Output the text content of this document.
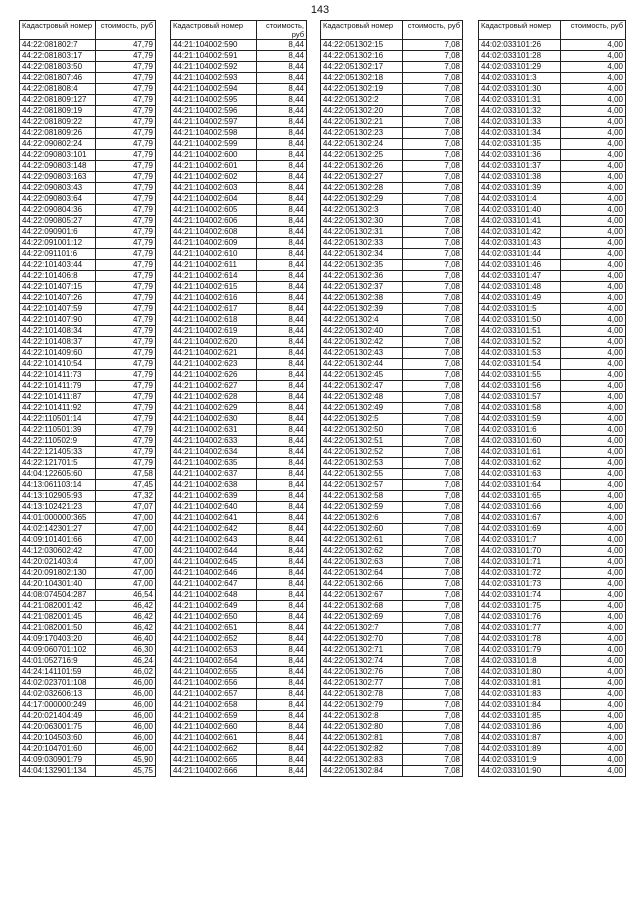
143
Кадастровый номер	стоимость, руб
44:22:081802:7	47,79
44:22:081803:17	47,79
44:22:081803:50	47,79
44:22:081807:46	47,79
44:22:081808:4	47,79
44:22:081809:127	47,79
44:22:081809:19	47,79
44:22:081809:22	47,79
44:22:081809:26	47,79
44:22:090802:24	47,79
44:22:090803:101	47,79
44:22:090803:148	47,79
44:22:090803:163	47,79
44:22:090803:43	47,79
44:22:090803:64	47,79
44:22:090804:36	47,79
44:22:090805:27	47,79
44:22:090901:6	47,79
44:22:091001:12	47,79
44:22:091101:6	47,79
44:22:101403:44	47,79
44:22:101406:8	47,79
44:22:101407:15	47,79
44:22:101407:26	47,79
44:22:101407:59	47,79
44:22:101407:90	47,79
44:22:101408:34	47,79
44:22:101408:37	47,79
44:22:101409:60	47,79
44:22:101410:54	47,79
44:22:101411:73	47,79
44:22:101411:79	47,79
44:22:101411:87	47,79
44:22:101411:92	47,79
44:22:110501:14	47,79
44:22:110501:39	47,79
44:22:110502:9	47,79
44:22:121405:33	47,79
44:22:121701:5	47,79
44:04:122605:60	47,58
44:13:061103:14	47,45
44:13:102905:93	47,32
44:13:102421:23	47,07
44:01:000000:365	47,00
44:02:142301:27	47,00
44:09:101401:66	47,00
44:12:030602:42	47,00
44:20:021403:4	47,00
44:20:091802:130	47,00
44:20:104301:40	47,00
44:08:074504:287	46,54
44:21:082001:42	46,42
44:21:082001:45	46,42
44:21:082001:50	46,42
44:09:170403:20	46,40
44:09:060701:102	46,30
44:01:052716:9	46,24
44:24:141101:59	46,02
44:02:023701:108	46,00
44:02:032606:13	46,00
44:17:000000:249	46,00
44:20:021404:49	46,00
44:20:063001:75	46,00
44:20:104503:60	46,00
44:20:104701:60	46,00
44:09:030901:79	45,90
44:04:132901:134	45,75
Кадастровый номер	стоимость, руб
44:21:104002:590	8,44
44:21:104002:591	8,44
44:21:104002:592	8,44
44:21:104002:593	8,44
44:21:104002:594	8,44
44:21:104002:595	8,44
44:21:104002:596	8,44
44:21:104002:597	8,44
44:21:104002:598	8,44
44:21:104002:599	8,44
44:21:104002:600	8,44
44:21:104002:601	8,44
44:21:104002:602	8,44
44:21:104002:603	8,44
44:21:104002:604	8,44
44:21:104002:605	8,44
44:21:104002:606	8,44
44:21:104002:608	8,44
44:21:104002:609	8,44
44:21:104002:610	8,44
44:21:104002:611	8,44
44:21:104002:614	8,44
44:21:104002:615	8,44
44:21:104002:616	8,44
44:21:104002:617	8,44
44:21:104002:618	8,44
44:21:104002:619	8,44
44:21:104002:620	8,44
44:21:104002:621	8,44
44:21:104002:623	8,44
44:21:104002:626	8,44
44:21:104002:627	8,44
44:21:104002:628	8,44
44:21:104002:629	8,44
44:21:104002:630	8,44
44:21:104002:631	8,44
44:21:104002:633	8,44
44:21:104002:634	8,44
44:21:104002:635	8,44
44:21:104002:637	8,44
44:21:104002:638	8,44
44:21:104002:639	8,44
44:21:104002:640	8,44
44:21:104002:641	8,44
44:21:104002:642	8,44
44:21:104002:643	8,44
44:21:104002:644	8,44
44:21:104002:645	8,44
44:21:104002:646	8,44
44:21:104002:647	8,44
44:21:104002:648	8,44
44:21:104002:649	8,44
44:21:104002:650	8,44
44:21:104002:651	8,44
44:21:104002:652	8,44
44:21:104002:653	8,44
44:21:104002:654	8,44
44:21:104002:655	8,44
44:21:104002:656	8,44
44:21:104002:657	8,44
44:21:104002:658	8,44
44:21:104002:659	8,44
44:21:104002:660	8,44
44:21:104002:661	8,44
44:21:104002:662	8,44
44:21:104002:665	8,44
44:21:104002:666	8,44
Кадастровый номер	стоимость, руб
44:22:051302:15	7,08
44:22:051302:16	7,08
44:22:051302:17	7,08
44:22:051302:18	7,08
44:22:051302:19	7,08
44:22:051302:2	7,08
44:22:051302:20	7,08
44:22:051302:21	7,08
44:22:051302:23	7,08
44:22:051302:24	7,08
44:22:051302:25	7,08
44:22:051302:26	7,08
44:22:051302:27	7,08
44:22:051302:28	7,08
44:22:051302:29	7,08
44:22:051302:3	7,08
44:22:051302:30	7,08
44:22:051302:31	7,08
44:22:051302:33	7,08
44:22:051302:34	7,08
44:22:051302:35	7,08
44:22:051302:36	7,08
44:22:051302:37	7,08
44:22:051302:38	7,08
44:22:051302:39	7,08
44:22:051302:4	7,08
44:22:051302:40	7,08
44:22:051302:42	7,08
44:22:051302:43	7,08
44:22:051302:44	7,08
44:22:051302:45	7,08
44:22:051302:47	7,08
44:22:051302:48	7,08
44:22:051302:49	7,08
44:22:051302:5	7,08
44:22:051302:50	7,08
44:22:051302:51	7,08
44:22:051302:52	7,08
44:22:051302:53	7,08
44:22:051302:55	7,08
44:22:051302:57	7,08
44:22:051302:58	7,08
44:22:051302:59	7,08
44:22:051302:6	7,08
44:22:051302:60	7,08
44:22:051302:61	7,08
44:22:051302:62	7,08
44:22:051302:63	7,08
44:22:051302:64	7,08
44:22:051302:66	7,08
44:22:051302:67	7,08
44:22:051302:68	7,08
44:22:051302:69	7,08
44:22:051302:7	7,08
44:22:051302:70	7,08
44:22:051302:71	7,08
44:22:051302:74	7,08
44:22:051302:76	7,08
44:22:051302:77	7,08
44:22:051302:78	7,08
44:22:051302:79	7,08
44:22:051302:8	7,08
44:22:051302:80	7,08
44:22:051302:81	7,08
44:22:051302:82	7,08
44:22:051302:83	7,08
44:22:051302:84	7,08
Кадастровый номер	стоимость, руб
44:02:033101:26	4,00
44:02:033101:28	4,00
44:02:033101:29	4,00
44:02:033101:3	4,00
44:02:033101:30	4,00
44:02:033101:31	4,00
44:02:033101:32	4,00
44:02:033101:33	4,00
44:02:033101:34	4,00
44:02:033101:35	4,00
44:02:033101:36	4,00
44:02:033101:37	4,00
44:02:033101:38	4,00
44:02:033101:39	4,00
44:02:033101:4	4,00
44:02:033101:40	4,00
44:02:033101:41	4,00
44:02:033101:42	4,00
44:02:033101:43	4,00
44:02:033101:44	4,00
44:02:033101:46	4,00
44:02:033101:47	4,00
44:02:033101:48	4,00
44:02:033101:49	4,00
44:02:033101:5	4,00
44:02:033101:50	4,00
44:02:033101:51	4,00
44:02:033101:52	4,00
44:02:033101:53	4,00
44:02:033101:54	4,00
44:02:033101:55	4,00
44:02:033101:56	4,00
44:02:033101:57	4,00
44:02:033101:58	4,00
44:02:033101:59	4,00
44:02:033101:6	4,00
44:02:033101:60	4,00
44:02:033101:61	4,00
44:02:033101:62	4,00
44:02:033101:63	4,00
44:02:033101:64	4,00
44:02:033101:65	4,00
44:02:033101:66	4,00
44:02:033101:67	4,00
44:02:033101:69	4,00
44:02:033101:7	4,00
44:02:033101:70	4,00
44:02:033101:71	4,00
44:02:033101:72	4,00
44:02:033101:73	4,00
44:02:033101:74	4,00
44:02:033101:75	4,00
44:02:033101:76	4,00
44:02:033101:77	4,00
44:02:033101:78	4,00
44:02:033101:79	4,00
44:02:033101:8	4,00
44:02:033101:80	4,00
44:02:033101:81	4,00
44:02:033101:83	4,00
44:02:033101:84	4,00
44:02:033101:85	4,00
44:02:033101:86	4,00
44:02:033101:87	4,00
44:02:033101:89	4,00
44:02:033101:9	4,00
44:02:033101:90	4,00
